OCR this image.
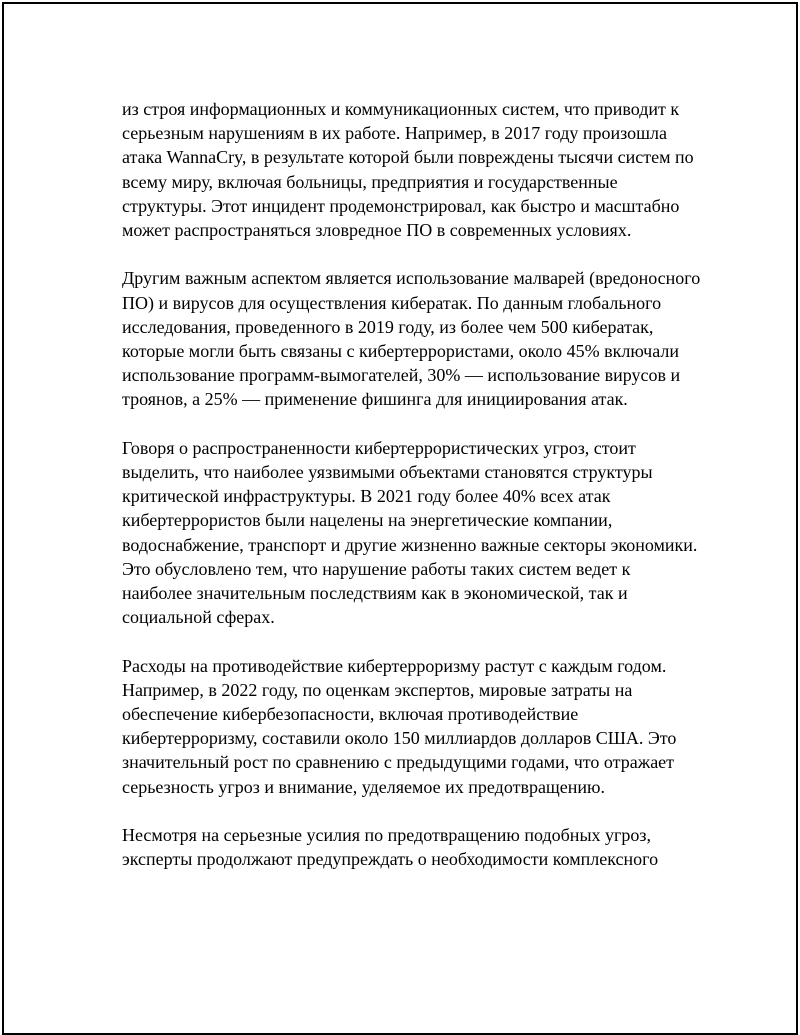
из строя информационных и коммуникационных систем, что приводит к серьезным нарушениям в их работе. Например, в 2017 году произошла атака WannaCry, в результате которой были повреждены тысячи систем по всему миру, включая больницы, предприятия и государственные структуры. Этот инцидент продемонстрировал, как быстро и масштабно может распространяться зловредное ПО в современных условиях.

Другим важным аспектом является использование малварей (вредоносного ПО) и вирусов для осуществления кибератак. По данным глобального исследования, проведенного в 2019 году, из более чем 500 кибератак, которые могли быть связаны с кибертеррористами, около 45% включали использование программ-вымогателей, 30% — использование вирусов и троянов, а 25% — применение фишинга для инициирования атак.

Говоря о распространенности кибертеррористических угроз, стоит выделить, что наиболее уязвимыми объектами становятся структуры критической инфраструктуры. В 2021 году более 40% всех атак кибертеррористов были нацелены на энергетические компании, водоснабжение, транспорт и другие жизненно важные секторы экономики. Это обусловлено тем, что нарушение работы таких систем ведет к наиболее значительным последствиям как в экономической, так и социальной сферах.

Расходы на противодействие кибертерроризму растут с каждым годом. Например, в 2022 году, по оценкам экспертов, мировые затраты на обеспечение кибербезопасности, включая противодействие кибертерроризму, составили около 150 миллиардов долларов США. Это значительный рост по сравнению с предыдущими годами, что отражает серьезность угроз и внимание, уделяемое их предотвращению.

Несмотря на серьезные усилия по предотвращению подобных угроз, эксперты продолжают предупреждать о необходимости комплексного
